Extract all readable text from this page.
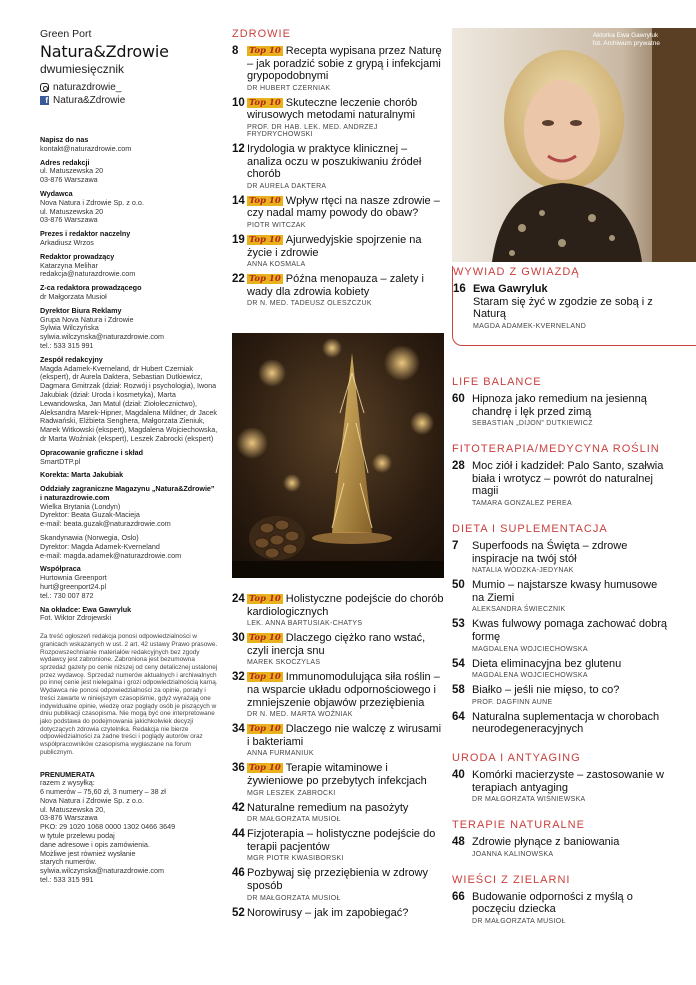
Green Port
Natura&Zdrowie
dwumiesięcznik
naturazdrowie_
f Natura&Zdrowie
Napisz do nas
kontakt@naturazdrowie.com
Adres redakcji
ul. Matuszewska 20
03-876 Warszawa
Wydawca
Nova Natura i Zdrowie Sp. z o.o.
ul. Matuszewska 20
03-876 Warszawa
Prezes i redaktor naczelny
Arkadiusz Wrzos
Redaktor prowadzący
Katarzyna Melihar
redakcja@naturazdrowie.com
Z-ca redaktora prowadzącego
dr Małgorzata Musioł
Dyrektor Biura Reklamy
Grupa Nova Natura i Zdrowie
Sylwia Wilczyńska
sylwia.wilczynska@naturazdrowie.com
tel.: 533 315 991
Zespół redakcyjny
Magda Adamek-Kverneland, dr Hubert Czerniak (ekspert), dr Aurela Daktera, Sebastian Dutkiewicz, Dagmara Gmitrzak (dział: Rozwój i psychologia), Iwona Jakubiak (dział: Uroda i kosmetyka), Marta Lewandowska, Jan Matul (dział: Ziołolecznictwo), Aleksandra Marek-Hipner, Magdalena Mildner, dr Jacek Radwański, Elżbieta Senghera, Małgorzata Zieniuk, Marek Witkowski (ekspert), Magdalena Wojciechowska, dr Marta Woźniak (ekspert), Leszek Zabrocki (ekspert)
Opracowanie graficzne i skład
SmartDTP.pl
Korekta: Marta Jakubiak
Oddziały zagraniczne Magazynu „Natura&Zdrowie” i naturazdrowie.com
Wielka Brytania (Londyn)
Dyrektor: Beata Guzak-Macieja
e-mail: beata.guzak@naturazdrowie.com
Skandynawia (Norwegia, Oslo)
Dyrektor: Magda Adamek-Kverneland
e-mail: magda.adamek@naturazdrowie.com
Współpraca
Hurtownia Greenport
hurt@greenport24.pl
tel.: 730 007 872
Na okładce: Ewa Gawryluk
Fot. Wiktor Zdrojewski
Za treść ogłoszeń redakcja ponosi odpowiedzialności w granicach wskazanych w ust. 2 art. 42 ustawy Prawo prasowe. Rozpowszechnianie materiałów redakcyjnych bez zgody wydawcy jest zabronione. Zabroniona jest bezumowna sprzedaż gazety po cenie niższej od ceny detalicznej ustalonej przez wydawcę. Sprzedaż numerów aktualnych i archiwalnych po innej cenie jest nielegalna i grozi odpowiedzialnością karną. Wydawca nie ponosi odpowiedzialności za opinie, porady i treści zawarte w niniejszym czasopiśmie, gdyż wyrażają one indywidualne opinie, wiedzę oraz poglądy osób je piszących w dniu publikacji czasopisma. Nie mogą być one interpretowane jako podstawa do podejmowania jakichkolwiek decyzji dotyczących zdrowia czytelnika. Redakcja nie bierze odpowiedzialności za żadne treści i poglądy autorów oraz współpracowników czasopisma wygłaszane na forum publicznym.
PRENUMERATA
razem z wysyłką:
6 numerów – 75,60 zł, 3 numery – 38 zł
Nova Natura i Zdrowie Sp. z o.o.
ul. Matuszewska 20,
03-876 Warszawa
PKO: 29 1020 1068 0000 1302 0466 3649
w tytule przelewu podaj
dane adresowe i opis zamówienia.
Możliwe jest również wysłanie
starych numerów.
sylwia.wilczynska@naturazdrowie.com
tel.: 533 315 991
ZDROWIE
8	Top 10 Recepta wypisana przez Naturę – jak poradzić sobie z grypą i infekcjami grypopodobnymi
DR HUBERT CZERNIAK
10 Top 10 Skuteczne leczenie chorób wirusowych metodami naturalnymi
PROF. DR HAB. LEK. MED. ANDRZEJ FRYDRYCHOWSKI
12 Irydologia w praktyce klinicznej – analiza oczu w poszukiwaniu źródeł chorób
DR AURELA DAKTERA
14 Top 10 Wpływ rtęci na nasze zdrowie – czy nadal mamy powody do obaw?
PIOTR WITCZAK
19 Top 10 Ajurwedyjskie spojrzenie na życie i zdrowie
ANNA KOSMALA
22 Top 10 Późna menopauza – zalety i wady dla zdrowia kobiety
DR N. MED. TADEUSZ OLESZCZUK
24 Top 10 Holistyczne podejście do chorób kardiologicznych
LEK. ANNA BARTUSIAK-CHATYS
30 Top 10 Dlaczego ciężko rano wstać, czyli inercja snu
MAREK SKOCZYLAS
32 Top 10 Immunomodulująca siła roślin – na wsparcie układu odpornościowego i zmniejszenie objawów przeziębienia
DR N. MED. MARTA WOŹNIAK
34 Top 10 Dlaczego nie walczę z wirusami i bakteriami
ANNA FURMANIUK
36 Top 10 Terapie witaminowe i żywieniowe po przebytych infekcjach
MGR LESZEK ZABROCKI
42 Naturalne remedium na pasożyty
DR MAŁGORZATA MUSIOŁ
44 Fizjoterapia – holistyczne podejście do terapii pacjentów
MGR PIOTR KWASIBORSKI
46 Pozbywaj się przeziębienia w zdrowy sposób
DR MAŁGORZATA MUSIOŁ
52 Norowirusy – jak im zapobiegać?
Aktorka Ewa Gawryluk
fot. Archiwum prywatne
WYWIAD Z GWIAZDĄ
16 Ewa Gawryluk
Staram się żyć w zgodzie ze sobą i z Naturą
MAGDA ADAMEK-KVERNELAND
LIFE BALANCE
60 Hipnoza jako remedium na jesienną chandrę i lęk przed zimą
SEBASTIAN „DIJON” DUTKIEWICZ
FITOTERAPIA/MEDYCYNA ROŚLIN
28 Moc ziół i kadzideł: Palo Santo, szałwia biała i wrotycz – powrót do naturalnej magii
TAMARA GONZALEZ PEREA
DIETA I SUPLEMENTACJA
7	Superfoods na Święta – zdrowe inspiracje na twój stół
NATALIA WÓDZKA-JEDYNAK
50 Mumio – najstarsze kwasy humusowe na Ziemi
ALEKSANDRA ŚWIECZNIK
53 Kwas fulwowy pomaga zachować dobrą formę
MAGDALENA WOJCIECHOWSKA
54 Dieta eliminacyjna bez glutenu
MAGDALENA WOJCIECHOWSKA
58 Białko – jeśli nie mięso, to co?
PROF. DAGFINN AUNE
64 Naturalna suplementacja w chorobach neurodegeneracyjnych
URODA I ANTYAGING
40 Komórki macierzyste – zastosowanie w terapiach antyaging
DR MAŁGORZATA WIŚNIEWSKA
TERAPIE NATURALNE
48 Zdrowie płynące z baniowania
JOANNA KALINOWSKA
WIEŚCI Z ZIELARNI
66 Budowanie odporności z myślą o poczęciu dziecka
DR MAŁGORZATA MUSIOŁ
